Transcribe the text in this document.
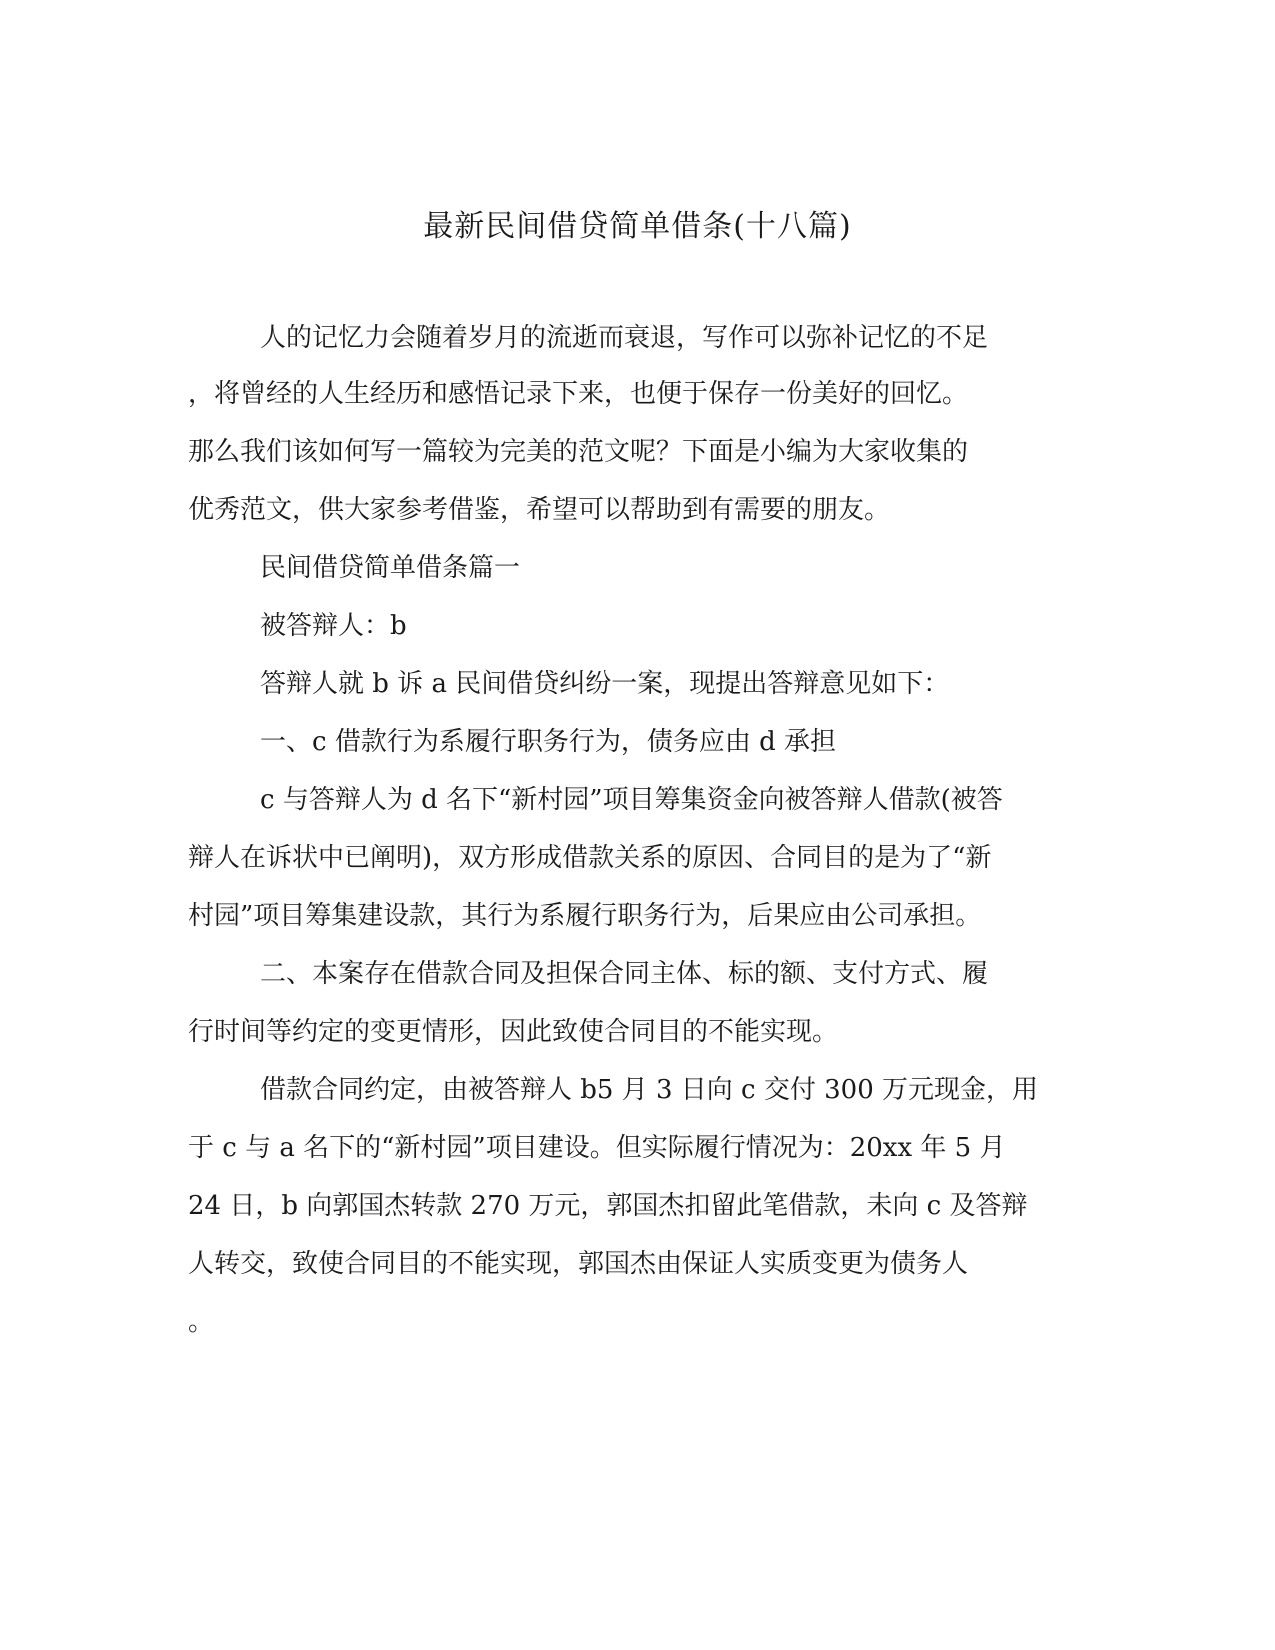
最新民间借贷简单借条(十八篇)

人的记忆力会随着岁月的流逝而衰退，写作可以弥补记忆的不足

，将曾经的人生经历和感悟记录下来，也便于保存一份美好的回忆。

那么我们该如何写一篇较为完美的范文呢？下面是小编为大家收集的

优秀范文，供大家参考借鉴，希望可以帮助到有需要的朋友。

民间借贷简单借条篇一

被答辩人：b

答辩人就 b 诉 a 民间借贷纠纷一案，现提出答辩意见如下：

一、c 借款行为系履行职务行为，债务应由 d 承担

c 与答辩人为 d 名下“新村园”项目筹集资金向被答辩人借款(被答

辩人在诉状中已阐明)，双方形成借款关系的原因、合同目的是为了“新

村园”项目筹集建设款，其行为系履行职务行为，后果应由公司承担。

二、本案存在借款合同及担保合同主体、标的额、支付方式、履

行时间等约定的变更情形，因此致使合同目的不能实现。

借款合同约定，由被答辩人 b5 月 3 日向 c 交付 300 万元现金，用

于 c 与 a 名下的“新村园”项目建设。但实际履行情况为：20xx 年 5 月

24 日，b 向郭国杰转款 270 万元，郭国杰扣留此笔借款，未向 c 及答辩

人转交，致使合同目的不能实现，郭国杰由保证人实质变更为债务人

。
